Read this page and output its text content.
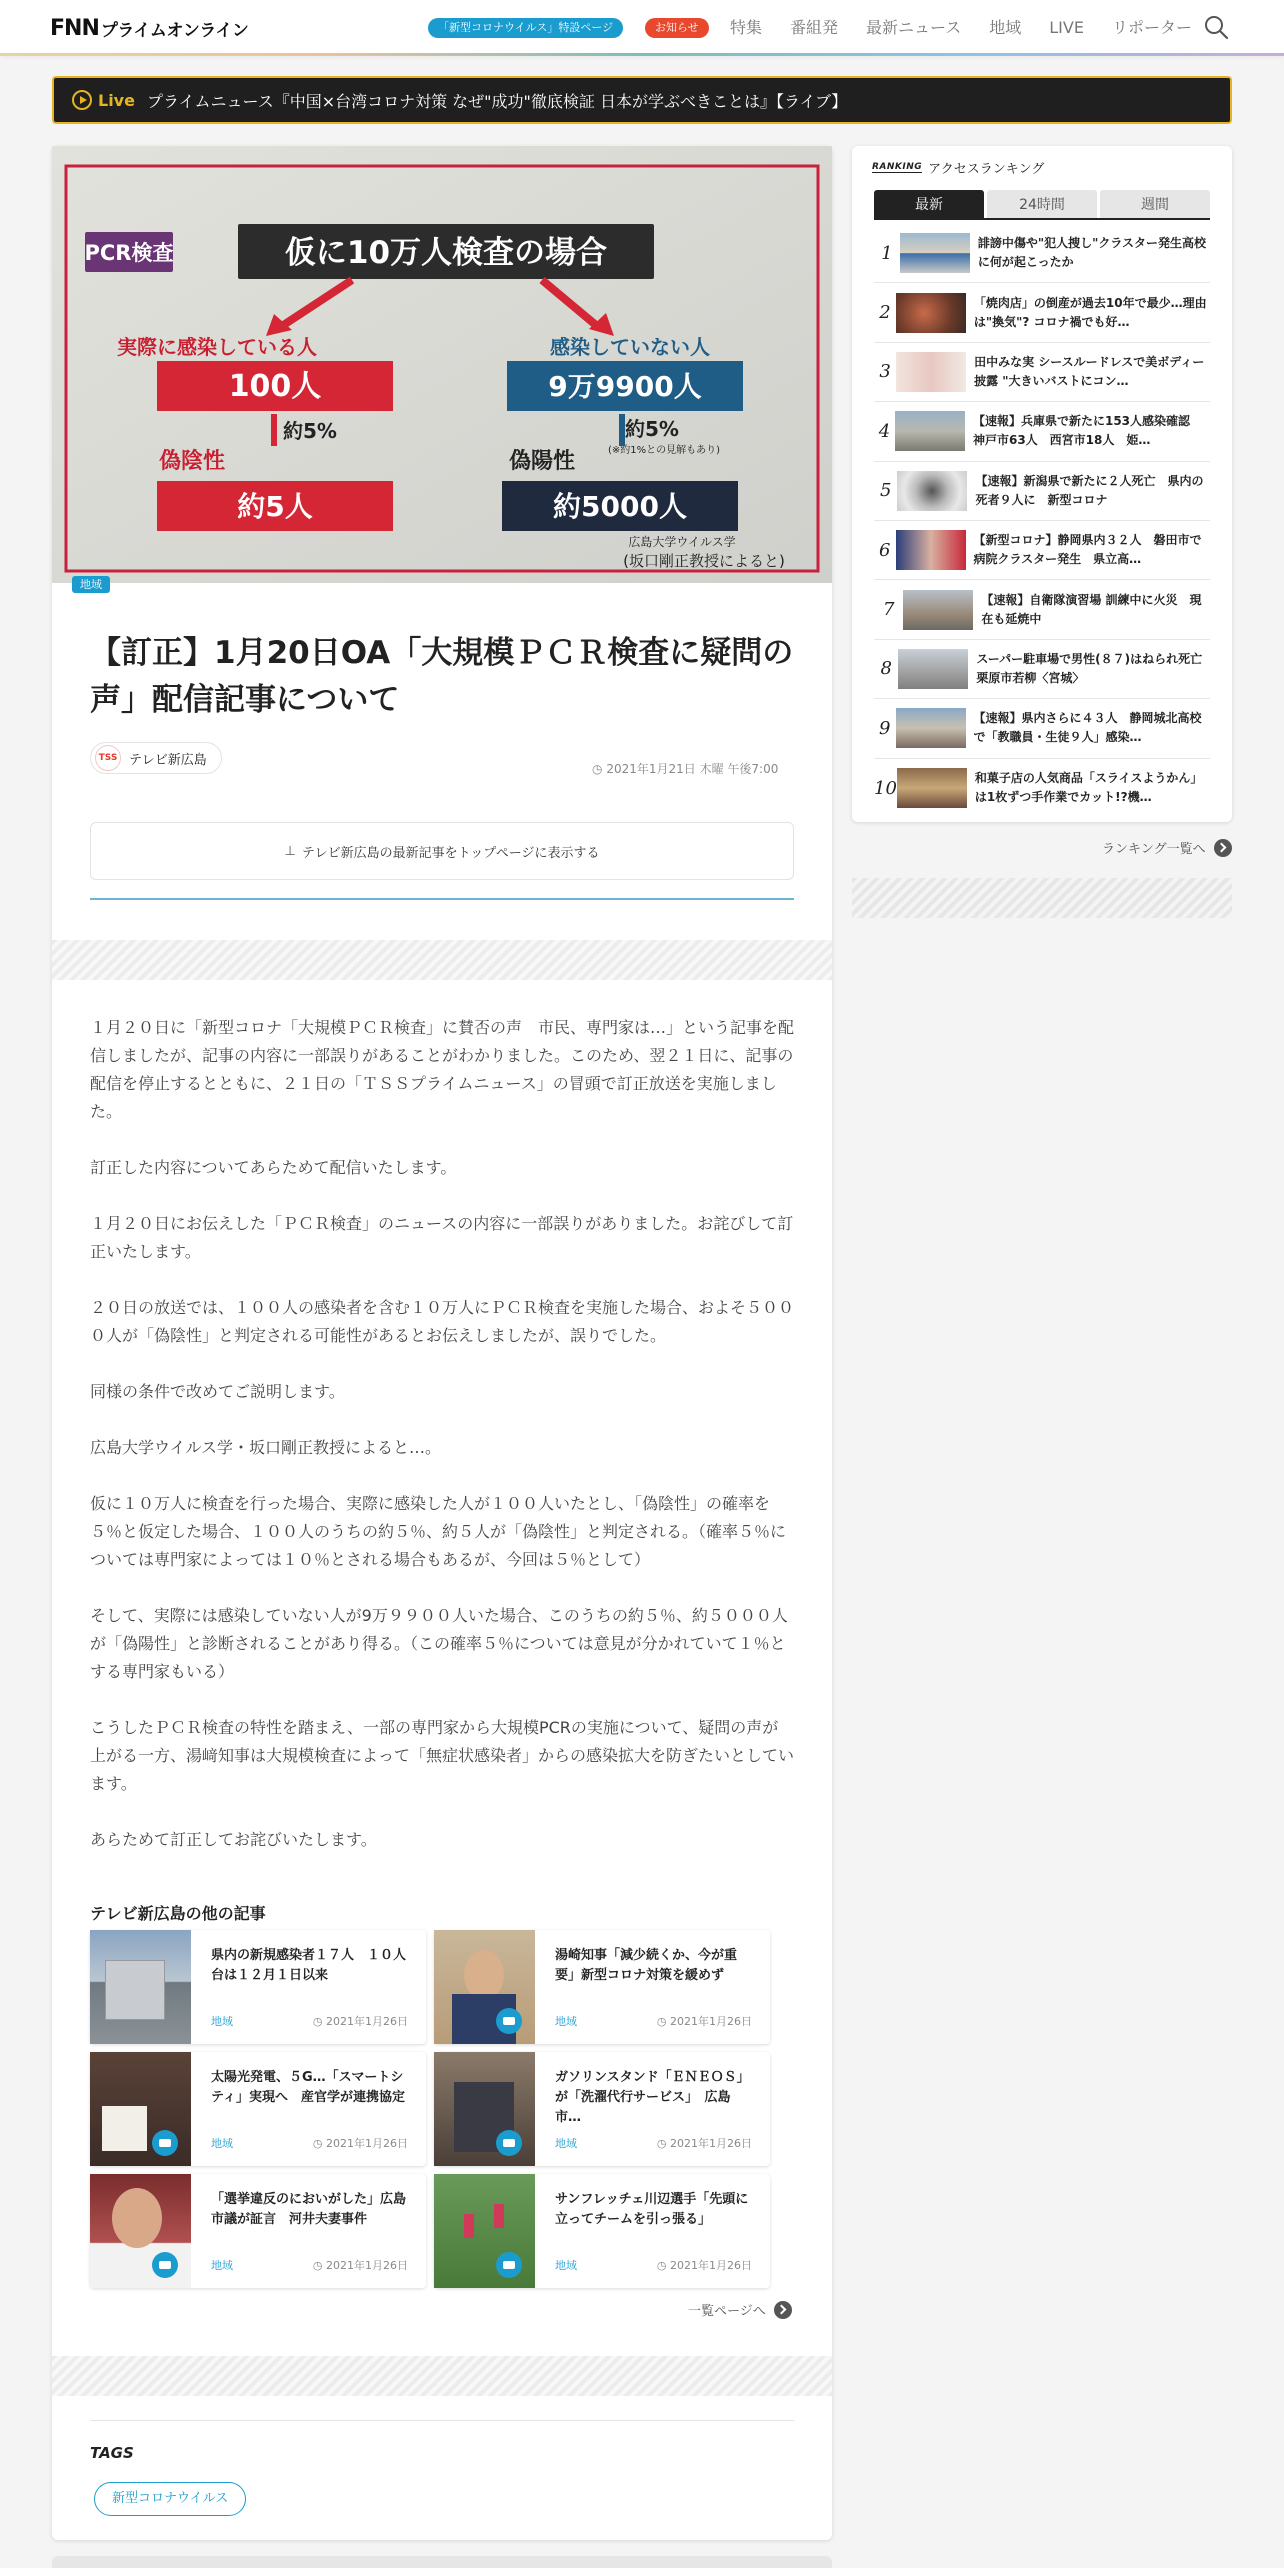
FNN プライムオンライン	「新型コロナウイルス」特設ページ	お知らせ	特集 番組発 最新ニュース 地域 LIVE リポーター
Live プライムニュース『中国×台湾コロナ対策 なぜ"成功"徹底検証 日本が学ぶべきことは』【ライブ】
PCR検査	仮に10万人検査の場合
実際に感染している人
100人
約5%
偽陰性
約5人
感染していない人
9万9900人
約5%
(※約1%との見解もあり)
偽陽性
約5000人
広島大学ウイルス学
(坂口剛正教授によると)
地域
【訂正】1月20日OA「大規模ＰＣＲ検査に疑問の声」配信記事について
TSS テレビ新広島
◷ 2021年1月21日 木曜 午後7:00
⊥ テレビ新広島の最新記事をトップページに表示する

１月２０日に「新型コロナ「大規模ＰＣＲ検査」に賛否の声　市民、専門家は…」という記事を配信しましたが、記事の内容に一部誤りがあることがわかりました。このため、翌２１日に、記事の配信を停止するとともに、２１日の「ＴＳＳプライムニュース」の冒頭で訂正放送を実施しました。

訂正した内容についてあらためて配信いたします。

１月２０日にお伝えした「ＰＣＲ検査」のニュースの内容に一部誤りがありました。お詫びして訂正いたします。

２０日の放送では、１００人の感染者を含む１０万人にＰＣＲ検査を実施した場合、およそ５０００人が「偽陰性」と判定される可能性があるとお伝えしましたが、誤りでした。

同様の条件で改めてご説明します。

広島大学ウイルス学・坂口剛正教授によると…。

仮に１０万人に検査を行った場合、実際に感染した人が１００人いたとし、「偽陰性」の確率を５％と仮定した場合、１００人のうちの約５％、約５人が「偽陰性」と判定される。（確率５％については専門家によっては１０％とされる場合もあるが、今回は５％として）

そして、実際には感染していない人が9万９９００人いた場合、このうちの約５％、約５０００人が「偽陽性」と診断されることがあり得る。（この確率５％については意見が分かれていて１％とする専門家もいる）

こうしたＰＣＲ検査の特性を踏まえ、一部の専門家から大規模PCRの実施について、疑問の声が上がる一方、湯﨑知事は大規模検査によって「無症状感染者」からの感染拡大を防ぎたいとしています。

あらためて訂正してお詫びいたします。

テレビ新広島の他の記事
県内の新規感染者１７人　１０人台は１２月１日以来
地域	◷ 2021年1月26日
湯崎知事「減少続くか、今が重要」新型コロナ対策を緩めず
地域	◷ 2021年1月26日
太陽光発電、５G…「スマートシティ」実現へ　産官学が連携協定
地域	◷ 2021年1月26日
ガソリンスタンド「ＥＮＥＯＳ」が「洗濯代行サービス」　広島市…
地域	◷ 2021年1月26日
「選挙違反のにおいがした」広島市議が証言　河井夫妻事件
地域	◷ 2021年1月26日
サンフレッチェ川辺選手「先頭に立ってチームを引っ張る」
地域	◷ 2021年1月26日
一覧ページへ
TAGS
新型コロナウイルス
RANKING アクセスランキング
最新	24時間	週間
1	誹謗中傷や"犯人捜し"クラスター発生高校に何が起こったか
2	「焼肉店」の倒産が過去10年で最少…理由は"換気"? コロナ禍でも好…
3	田中みな実 シースルードレスで美ボディー披露 "大きいバストにコン…
4	【速報】兵庫県で新たに153人感染確認　神戸市63人　西宮市18人　姫…
5	【速報】新潟県で新たに２人死亡　県内の死者９人に　新型コロナ
6	【新型コロナ】静岡県内３２人　磐田市で病院クラスター発生　県立高…
7	【速報】自衛隊演習場 訓練中に火災　現在も延焼中
8	スーパー駐車場で男性(８７)はねられ死亡　栗原市若柳〈宮城〉
9	【速報】県内さらに４３人　静岡城北高校で「教職員・生徒９人」感染…
10	和菓子店の人気商品「スライスようかん」は1枚ずつ手作業でカット!?機…
ランキング一覧へ
